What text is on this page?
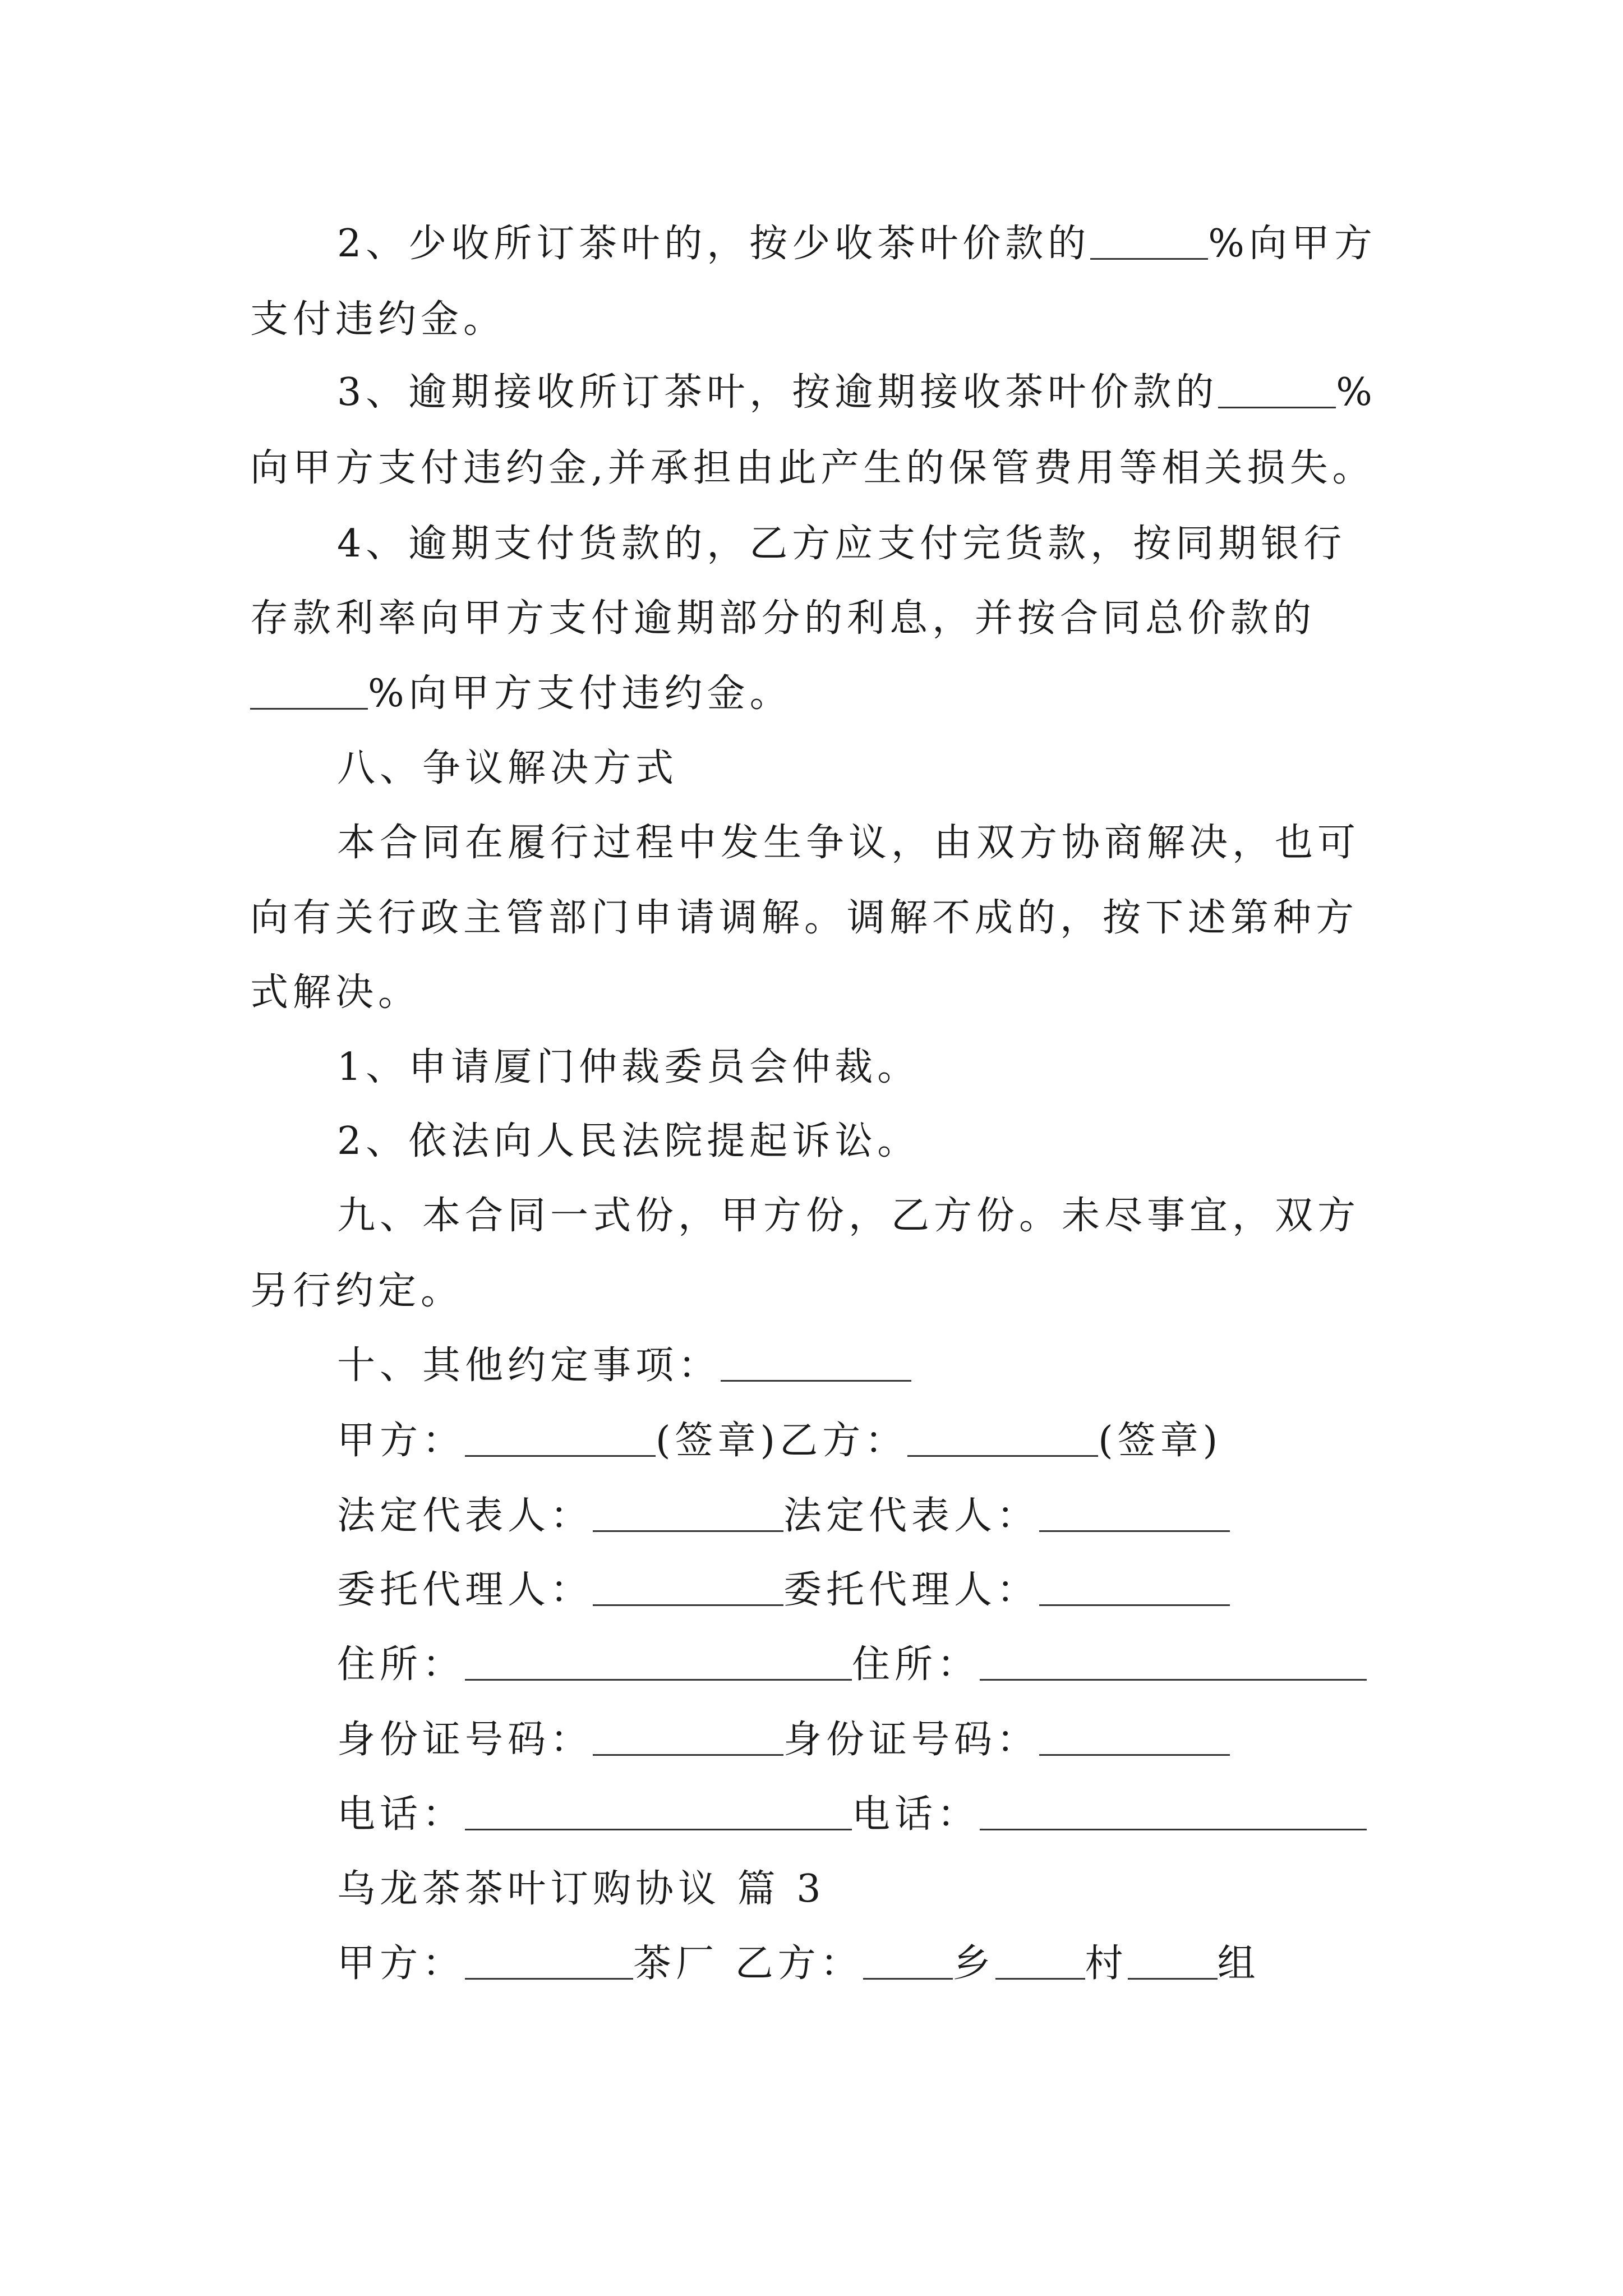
2、少收所订茶叶的，按少收茶叶价款的	%向甲方
支付违约金。
3、逾期接收所订茶叶，按逾期接收茶叶价款的	%
向甲方支付违约金,并承担由此产生的保管费用等相关损失。
4、逾期支付货款的，乙方应支付完货款，按同期银行
存款利率向甲方支付逾期部分的利息，并按合同总价款的
%向甲方支付违约金。
八、争议解决方式
本合同在履行过程中发生争议，由双方协商解决，也可
向有关行政主管部门申请调解。调解不成的，按下述第种方
式解决。
1、申请厦门仲裁委员会仲裁。
2、依法向人民法院提起诉讼。
九、本合同一式份，甲方份，乙方份。未尽事宜，双方
另行约定。
十、其他约定事项：
甲方：	(签章)乙方：	(签章)
法定代表人：	法定代表人：
委托代理人：	委托代理人：
住所：	住所：
身份证号码：	身份证号码：
电话：	电话：
乌龙茶茶叶订购协议 篇 3
甲方：	茶厂 乙方： 乡 村 组
